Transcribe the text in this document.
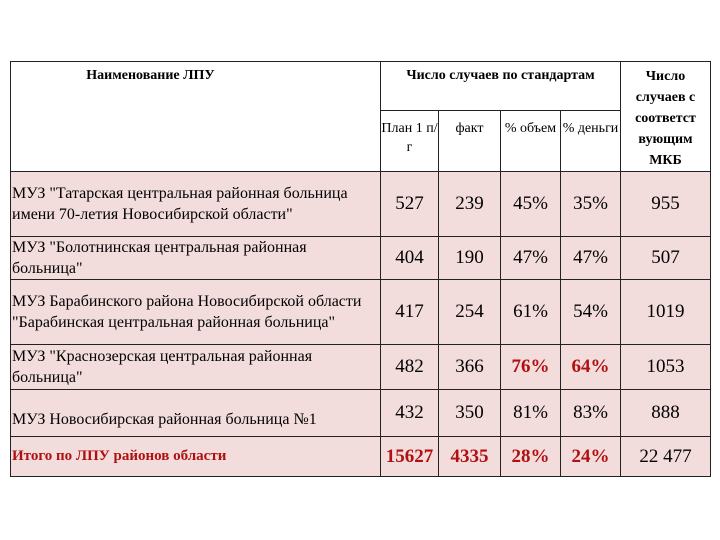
Наименование ЛПУ	Число случаев по стандартам				Число случаев с соответст вующим МКБ
	План 1 п/г	факт	% объем	% деньги	
МУЗ "Татарская центральная районная больница имени 70-летия Новосибирской области"	527	239	45%	35%	955
МУЗ "Болотнинская центральная районная больница"	404	190	47%	47%	507
МУЗ Барабинского района Новосибирской области "Барабинская центральная районная больница"	417	254	61%	54%	1019
МУЗ "Краснозерская центральная районная больница"	482	366	76%	64%	1053
МУЗ Новосибирская районная больница №1	432	350	81%	83%	888
Итого по ЛПУ районов области	15627	4335	28%	24%	22 477
